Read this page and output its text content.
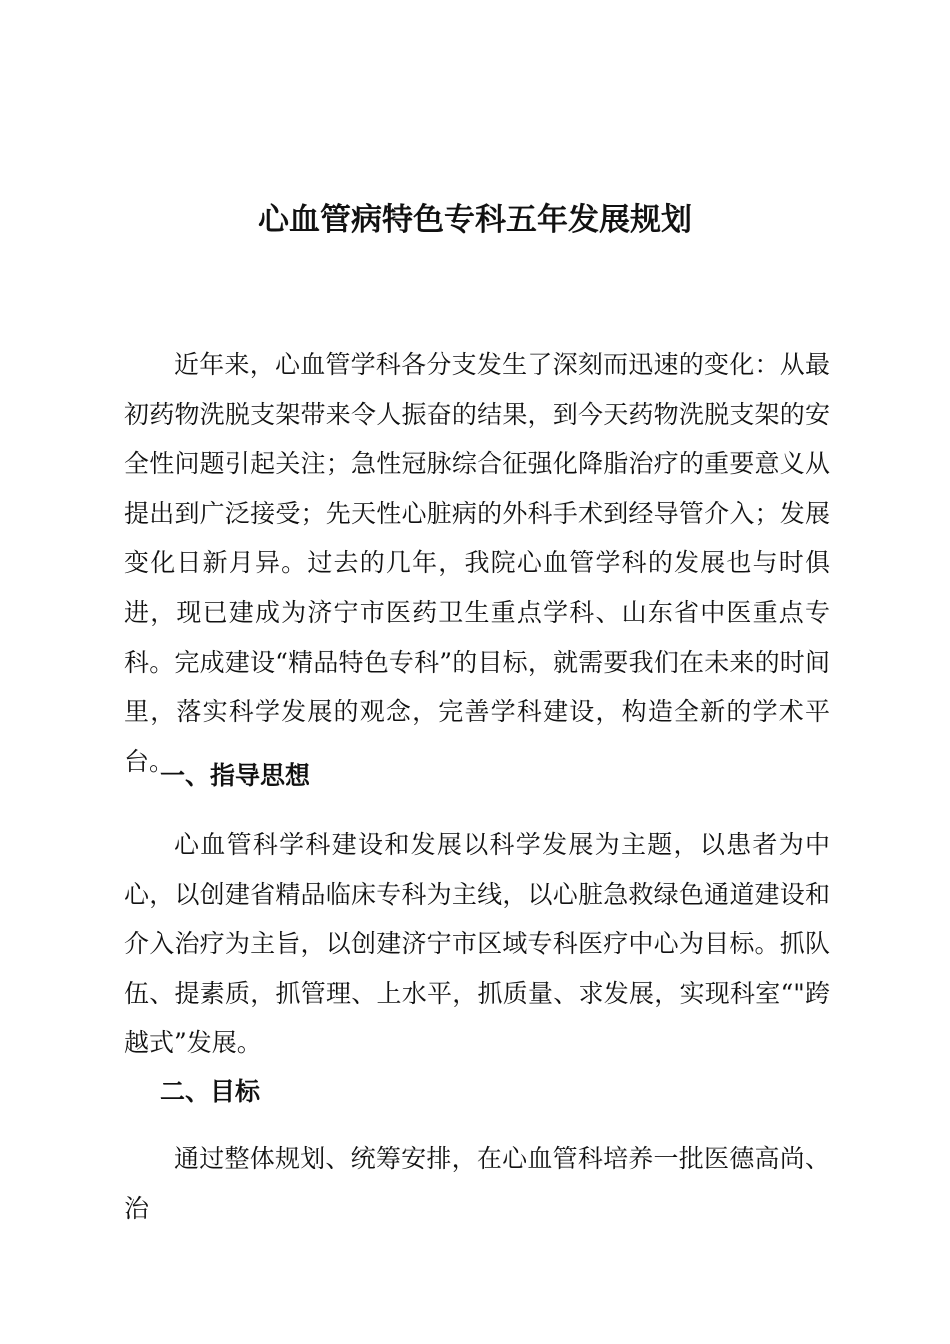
心血管病特色专科五年发展规划

近年来，心血管学科各分支发生了深刻而迅速的变化：从最初药物洗脱支架带来令人振奋的结果，到今天药物洗脱支架的安全性问题引起关注；急性冠脉综合征强化降脂治疗的重要意义从提出到广泛接受；先天性心脏病的外科手术到经导管介入；发展变化日新月异。过去的几年，我院心血管学科的发展也与时俱进，现已建成为济宁市医药卫生重点学科、山东省中医重点专科。完成建设“精品特色专科”的目标，就需要我们在未来的时间里，落实科学发展的观念，完善学科建设，构造全新的学术平台。

一、指导思想

心血管科学科建设和发展以科学发展为主题，以患者为中心，以创建省精品临床专科为主线，以心脏急救绿色通道建设和介入治疗为主旨，以创建济宁市区域专科医疗中心为目标。抓队伍、提素质，抓管理、上水平，抓质量、求发展，实现科室“"跨越式”发展。

二、目标

通过整体规划、统筹安排，在心血管科培养一批医德高尚、治
